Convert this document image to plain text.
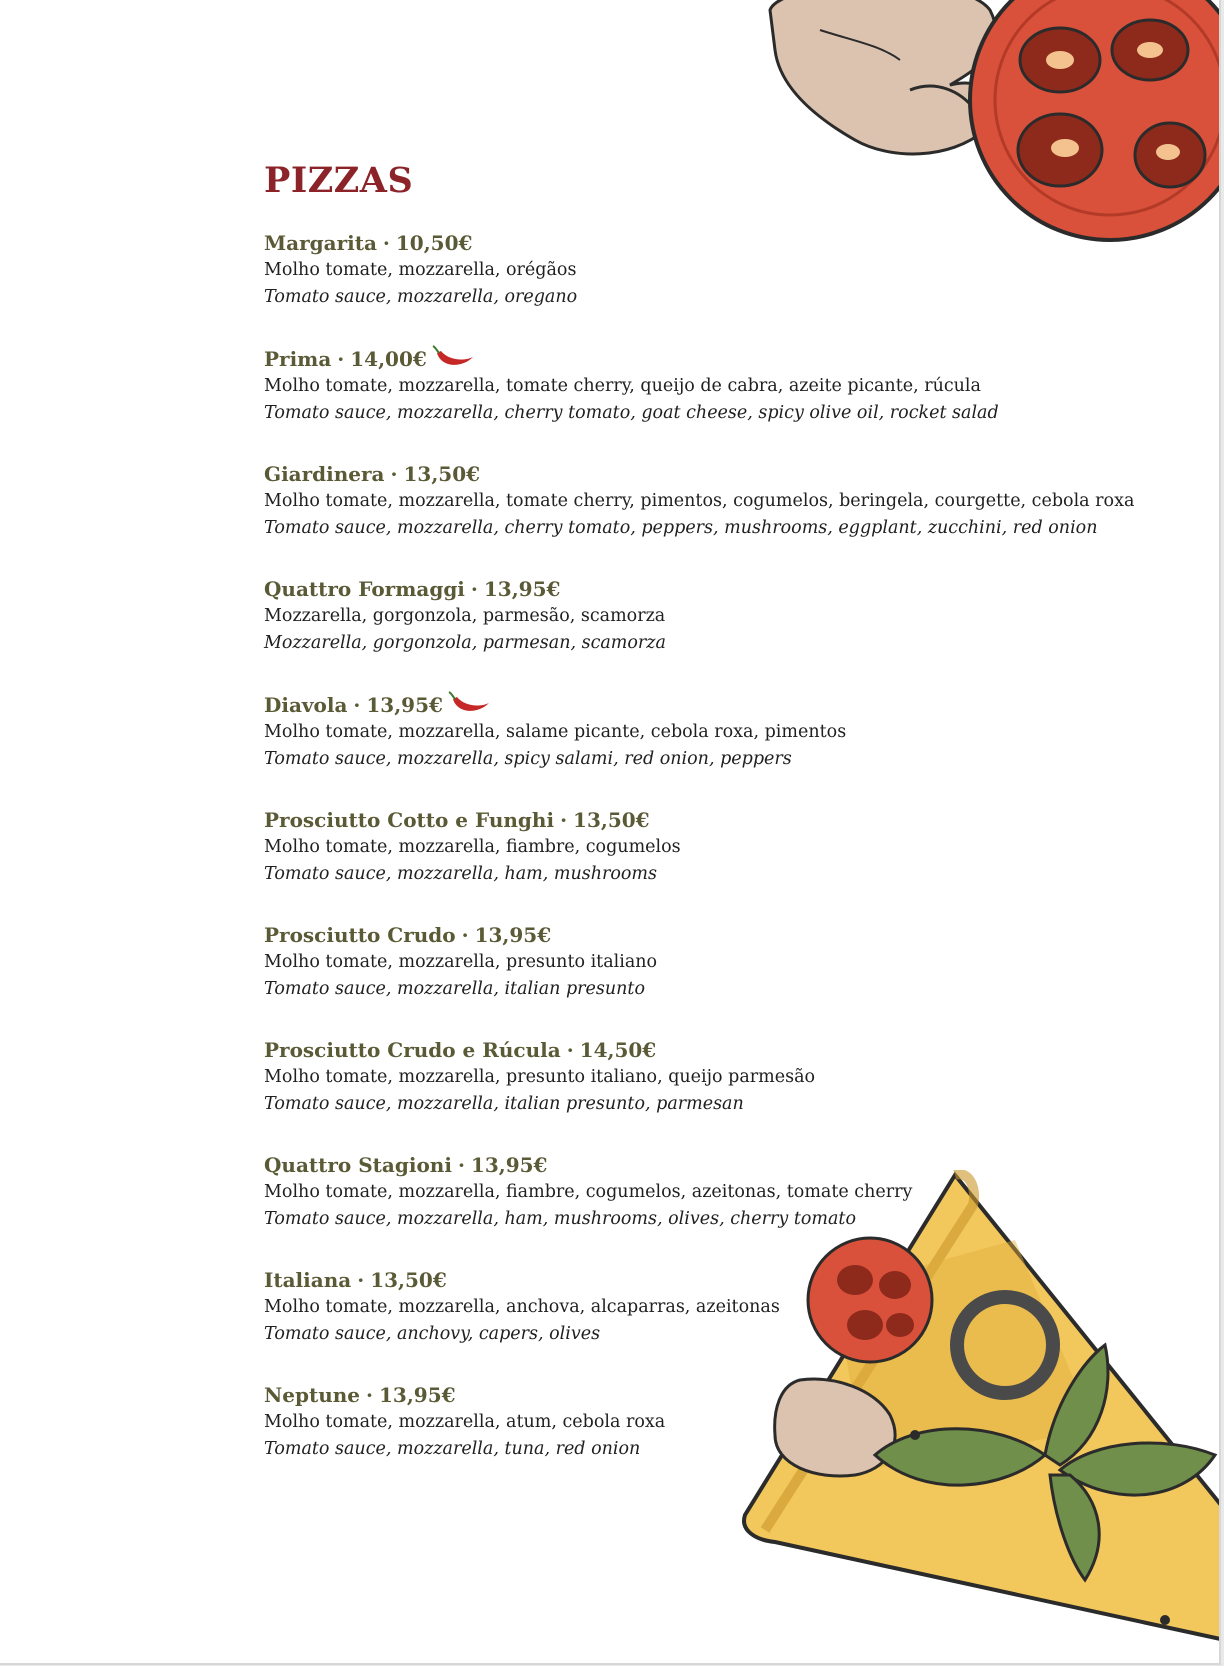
PIZZAS
Margarita · 10,50€
Molho tomate, mozzarella, orégãos
Tomato sauce, mozzarella, oregano
Prima · 14,00€
Molho tomate, mozzarella, tomate cherry, queijo de cabra, azeite picante, rúcula
Tomato sauce, mozzarella, cherry tomato, goat cheese, spicy olive oil, rocket salad
Giardinera · 13,50€
Molho tomate, mozzarella, tomate cherry, pimentos, cogumelos, beringela, courgette, cebola roxa
Tomato sauce, mozzarella, cherry tomato, peppers, mushrooms, eggplant, zucchini, red onion
Quattro Formaggi · 13,95€
Mozzarella, gorgonzola, parmesão, scamorza
Mozzarella, gorgonzola, parmesan, scamorza
Diavola · 13,95€
Molho tomate, mozzarella, salame picante, cebola roxa, pimentos
Tomato sauce, mozzarella, spicy salami, red onion, peppers
Prosciutto Cotto e Funghi · 13,50€
Molho tomate, mozzarella, fiambre, cogumelos
Tomato sauce, mozzarella, ham, mushrooms
Prosciutto Crudo · 13,95€
Molho tomate, mozzarella, presunto italiano
Tomato sauce, mozzarella, italian presunto
Prosciutto Crudo e Rúcula · 14,50€
Molho tomate, mozzarella, presunto italiano, queijo parmesão
Tomato sauce, mozzarella, italian presunto, parmesan
Quattro Stagioni · 13,95€
Molho tomate, mozzarella, fiambre, cogumelos, azeitonas, tomate cherry
Tomato sauce, mozzarella, ham, mushrooms, olives, cherry tomato
Italiana · 13,50€
Molho tomate, mozzarella, anchova, alcaparras, azeitonas
Tomato sauce, anchovy, capers, olives
Neptune · 13,95€
Molho tomate, mozzarella, atum, cebola roxa
Tomato sauce, mozzarella, tuna, red onion
